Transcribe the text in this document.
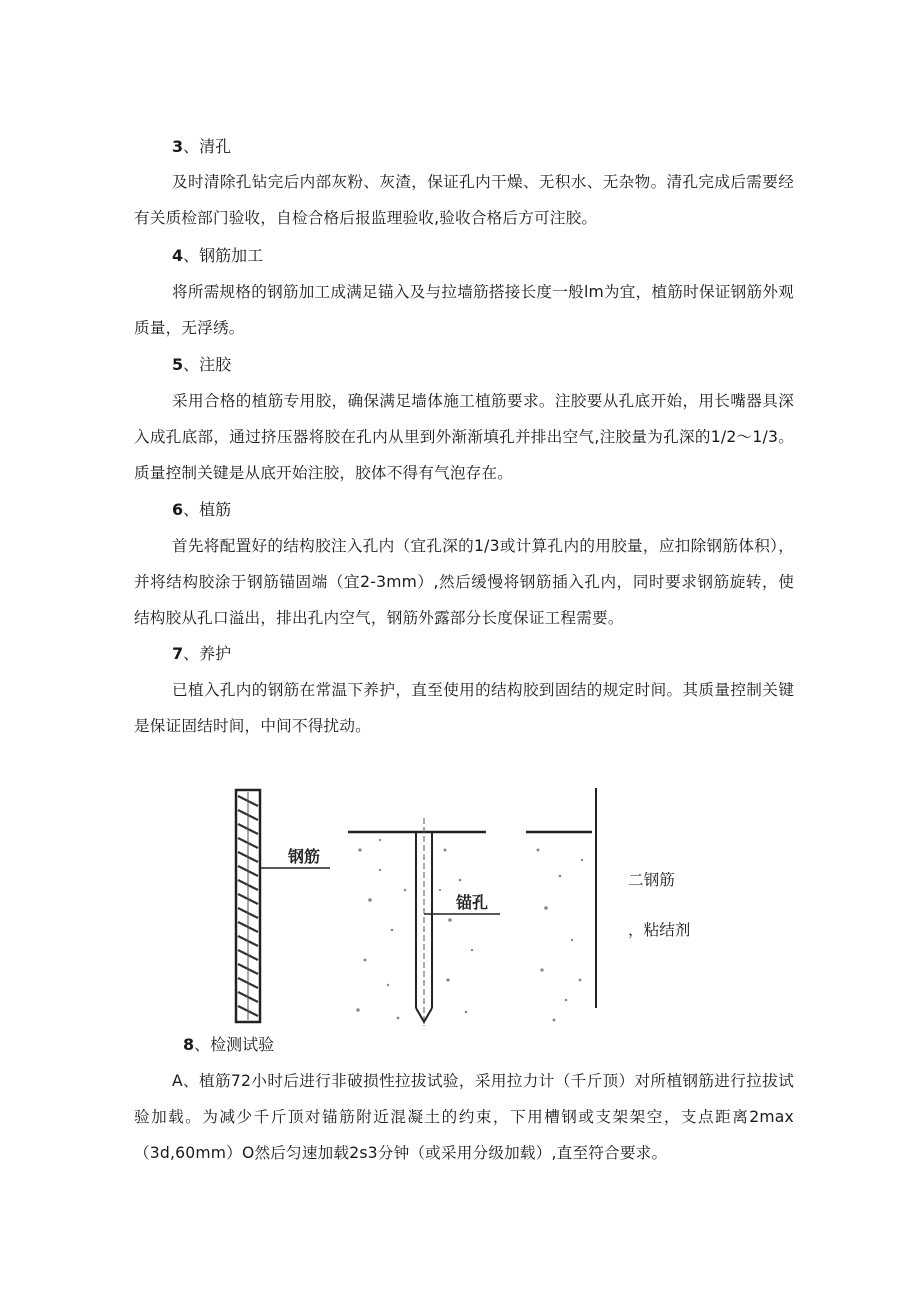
3、清孔
及时清除孔钻完后内部灰粉、灰渣，保证孔内干燥、无积水、无杂物。清孔完成后需要经有关质检部门验收，自检合格后报监理验收,验收合格后方可注胶。
4、钢筋加工
将所需规格的钢筋加工成满足锚入及与拉墙筋搭接长度一般lm为宜，植筋时保证钢筋外观质量，无浮绣。
5、注胶
采用合格的植筋专用胶，确保满足墙体施工植筋要求。注胶要从孔底开始，用长嘴器具深入成孔底部，通过挤压器将胶在孔内从里到外渐渐填孔并排出空气,注胶量为孔深的1/2〜1/3。质量控制关键是从底开始注胶，胶体不得有气泡存在。
6、植筋
首先将配置好的结构胶注入孔内（宜孔深的1/3或计算孔内的用胶量，应扣除钢筋体积），并将结构胶涂于钢筋锚固端（宜2-3mm）,然后缓慢将钢筋插入孔内，同时要求钢筋旋转，使结构胶从孔口溢出，排出孔内空气，钢筋外露部分长度保证工程需要。
7、养护
已植入孔内的钢筋在常温下养护，直至使用的结构胶到固结的规定时间。其质量控制关键是保证固结时间，中间不得扰动。
钢筋
锚孔
二钢筋
，粘结剂
8、检测试验
A、植筋72小时后进行非破损性拉拔试验，采用拉力计（千斤顶）对所植钢筋进行拉拔试验加载。为减少千斤顶对锚筋附近混凝土的约束，下用槽钢或支架架空，支点距离2max（3d,60mm）O然后匀速加载2s3分钟（或采用分级加载）,直至符合要求。
